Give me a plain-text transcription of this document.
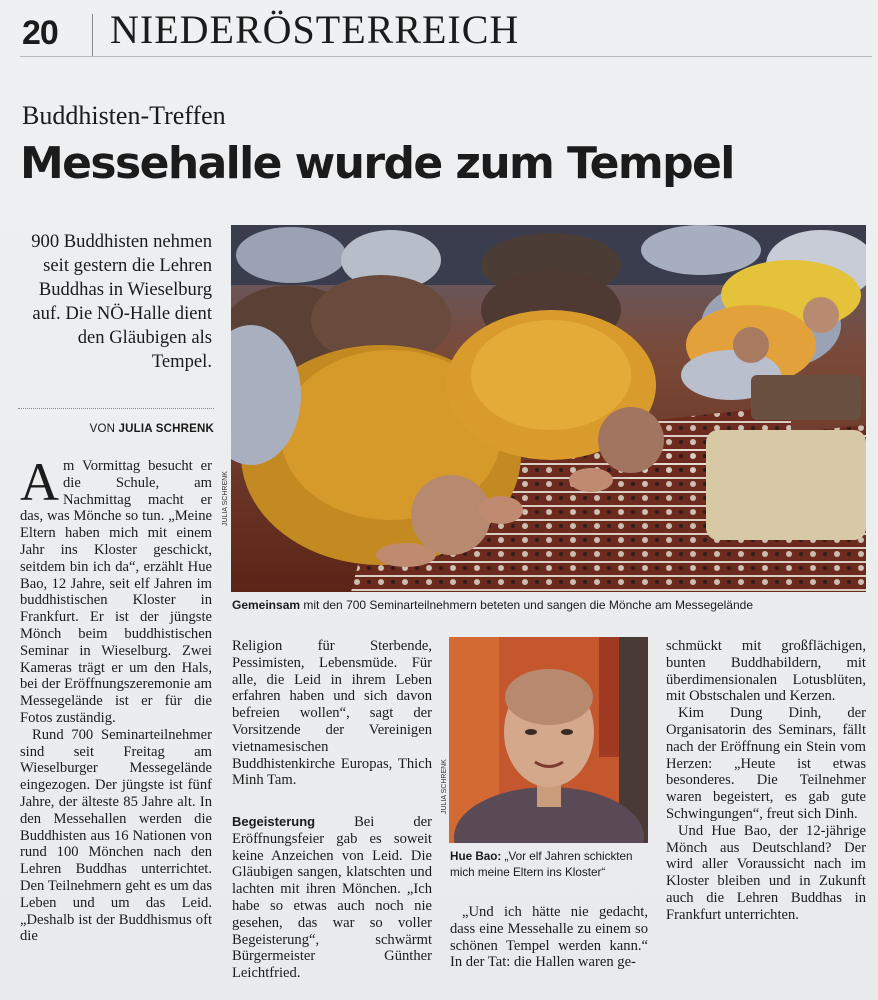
20 NIEDERÖSTERREICH
Buddhisten-Treffen
Messehalle wurde zum Tempel
900 Buddhisten nehmen seit gestern die Lehren Buddhas in Wieselburg auf. Die NÖ-Halle dient den Gläubigen als Tempel.
VON JULIA SCHRENK
JULIA SCHRENK
Gemeinsam mit den 700 Seminarteilnehmern beteten und sangen die Mönche am Messegelände

Am Vormittag besucht er die Schule, am Nachmittag macht er das, was Mönche so tun. „Meine Eltern haben mich mit einem Jahr ins Kloster geschickt, seitdem bin ich da“, erzählt Hue Bao, 12 Jahre, seit elf Jahren im buddhistischen Kloster in Frankfurt. Er ist der jüngste Mönch beim buddhistischen Seminar in Wieselburg. Zwei Kameras trägt er um den Hals, bei der Eröffnungszeremonie am Messegelände ist er für die Fotos zuständig.

Rund 700 Seminarteilnehmer sind seit Freitag am Wieselburger Messegelände eingezogen. Der jüngste ist fünf Jahre, der älteste 85 Jahre alt. In den Messehallen werden die Buddhisten aus 16 Nationen von rund 100 Mönchen nach den Lehren Buddhas unterrichtet. Den Teilnehmern geht es um das Leben und um das Leid. „Deshalb ist der Buddhismus oft die

Religion für Sterbende, Pessimisten, Lebensmüde. Für alle, die Leid in ihrem Leben erfahren haben und sich davon befreien wollen“, sagt der Vorsitzende der Vereinigen vietnamesischen Buddhistenkirche Europas, Thich Minh Tam.

Begeisterung	Bei der Eröffnungsfeier gab es soweit keine Anzeichen von Leid. Die Gläubigen sangen, klatschten und lachten mit ihren Mönchen. „Ich habe so etwas auch noch nie gesehen, das war so voller Begeisterung“, schwärmt Bürgermeister Günther Leichtfried.

JULIA SCHRENK
Hue Bao: „Vor elf Jahren schickten mich meine Eltern ins Kloster“

„Und ich hätte nie gedacht, dass eine Messehalle zu einem so schönen Tempel werden kann.“ In der Tat: die Hallen waren ge-

schmückt mit großflächigen, bunten Buddhabildern, mit überdimensionalen Lotusblüten, mit Obstschalen und Kerzen.

Kim Dung Dinh, der Organisatorin des Seminars, fällt nach der Eröffnung ein Stein vom Herzen: „Heute ist etwas besonderes. Die Teilnehmer waren begeistert, es gab gute Schwingungen“, freut sich Dinh.

Und Hue Bao, der 12-jährige Mönch aus Deutschland? Der wird aller Voraussicht nach im Kloster bleiben und in Zukunft auch die Lehren Buddhas in Frankfurt unterrichten.
